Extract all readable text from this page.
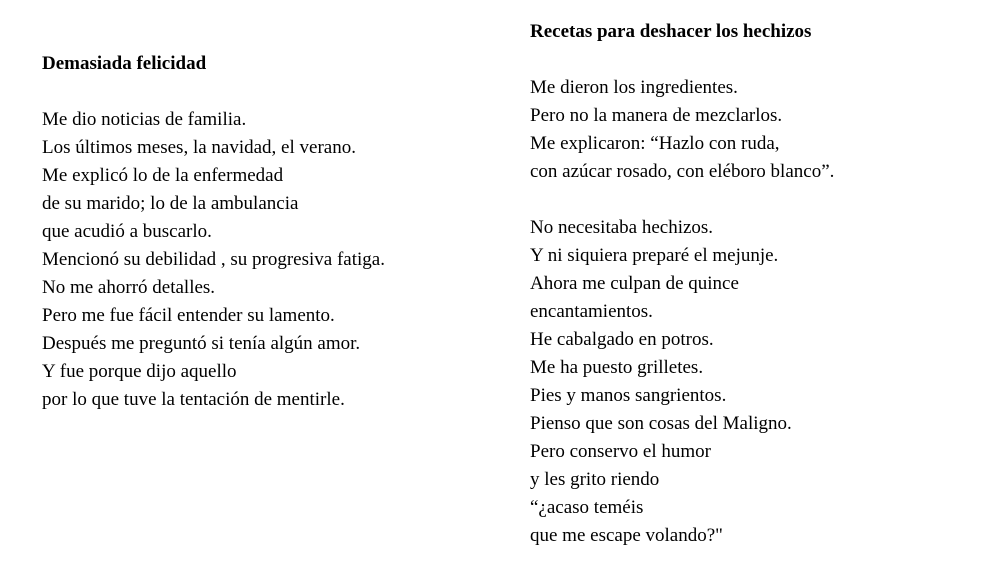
Demasiada felicidad
Me dio noticias de familia.
Los últimos meses, la navidad, el verano.
Me explicó lo de la enfermedad
de su marido; lo de la ambulancia
que acudió a buscarlo.
Mencionó su debilidad , su progresiva fatiga.
No me ahorró detalles.
Pero me fue fácil entender su lamento.
Después me preguntó si tenía algún amor.
Y fue porque dijo aquello
por lo que tuve la tentación de mentirle.
Recetas para deshacer los hechizos
Me dieron los ingredientes.
Pero no la manera de mezclarlos.
Me explicaron: “Hazlo con ruda,
con azúcar rosado, con eléboro blanco”.
No necesitaba hechizos.
Y ni siquiera preparé el mejunje.
Ahora me culpan de quince
encantamientos.
He cabalgado en potros.
Me ha puesto grilletes.
Pies y manos sangrientos.
Pienso que son cosas del Maligno.
Pero conservo el humor
y les grito riendo
“¿acaso teméis
que me escape volando?"
